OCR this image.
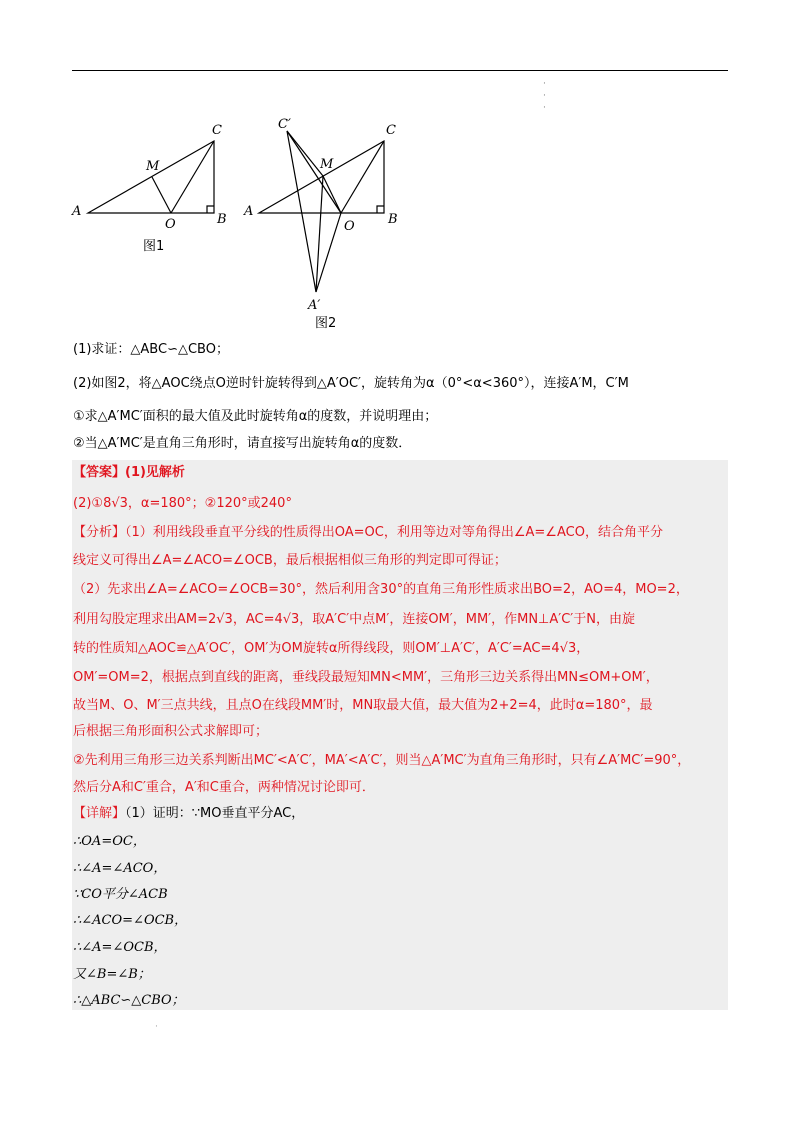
·
·
·
A
B
C
M
O
图1
A
B
C
M
O
A′
C′
图2
(1)求证：△ABC∽△CBO；
(2)如图2，将△AOC绕点O逆时针旋转得到△A′OC′，旋转角为α（0°<α<360°），连接A′M，C′M
①求△A′MC′面积的最大值及此时旋转角α的度数，并说明理由；
②当△A′MC′是直角三角形时，请直接写出旋转角α的度数．
【答案】(1)见解析
(2)①8√3，α=180°；②120°或240°
【分析】（1）利用线段垂直平分线的性质得出OA=OC，利用等边对等角得出∠A=∠ACO，结合角平分
线定义可得出∠A=∠ACO=∠OCB，最后根据相似三角形的判定即可得证；
（2）先求出∠A=∠ACO=∠OCB=30°，然后利用含30°的直角三角形性质求出BO=2，AO=4，MO=2，
利用勾股定理求出AM=2√3，AC=4√3，取A′C′中点M′，连接OM′，MM′，作MN⊥A′C′于N，由旋
转的性质知△AOC≌△A′OC′，OM′为OM旋转α所得线段，则OM′⊥A′C′，A′C′=AC=4√3，
OM′=OM=2，根据点到直线的距离，垂线段最短知MN<MM′，三角形三边关系得出MN≤OM+OM′，
故当M、O、M′三点共线，且点O在线段MM′时，MN取最大值，最大值为2+2=4，此时α=180°，最
后根据三角形面积公式求解即可；
②先利用三角形三边关系判断出MC′<A′C′，MA′<A′C′，则当△A′MC′为直角三角形时，只有∠A′MC′=90°，
然后分A和C′重合，A′和C重合，两种情况讨论即可．
【详解】（1）证明：∵MO垂直平分AC，
∴OA=OC，
∴∠A=∠ACO，
∵CO平分∠ACB
∴∠ACO=∠OCB，
∴∠A=∠OCB，
又∠B=∠B；
∴△ABC∽△CBO；
·
